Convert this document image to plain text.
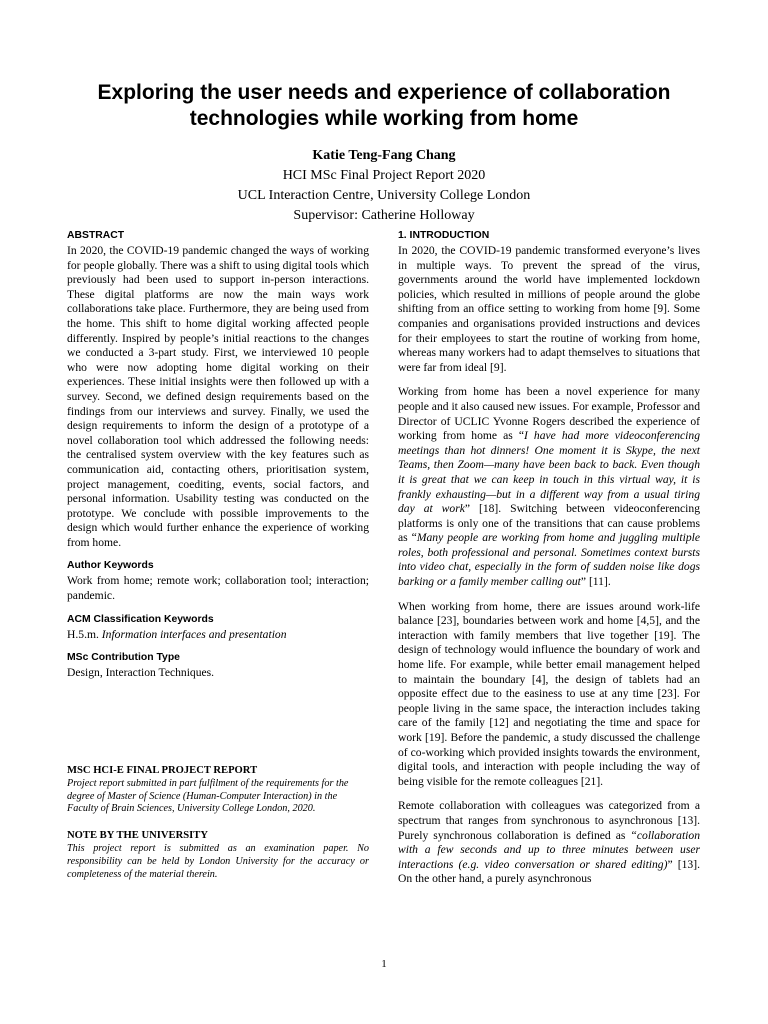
Exploring the user needs and experience of collaboration technologies while working from home
Katie Teng-Fang Chang
HCI MSc Final Project Report 2020
UCL Interaction Centre, University College London
Supervisor: Catherine Holloway
ABSTRACT

In 2020, the COVID-19 pandemic changed the ways of working for people globally. There was a shift to using digital tools which previously had been used to support in-person interactions. These digital platforms are now the main ways work collaborations take place. Furthermore, they are being used from the home. This shift to home digital working affected people differently. Inspired by people’s initial reactions to the changes we conducted a 3-part study. First, we interviewed 10 people who were now adopting home digital working on their experiences. These initial insights were then followed up with a survey. Second, we defined design requirements based on the findings from our interviews and survey. Finally, we used the design requirements to inform the design of a prototype of a novel collaboration tool which addressed the following needs: the centralised system overview with the key features such as communication aid, contacting others, prioritisation system, project management, coediting, events, social factors, and personal information. Usability testing was conducted on the prototype. We conclude with possible improvements to the design which would further enhance the experience of working from home.

Author Keywords

Work from home; remote work; collaboration tool; interaction; pandemic.

ACM Classification Keywords

H.5.m. Information interfaces and presentation

MSc Contribution Type

Design, Interaction Techniques.

MSC HCI-E FINAL PROJECT REPORT
Project report submitted in part fulfilment of the requirements for the degree of Master of Science (Human-Computer Interaction) in the Faculty of Brain Sciences, University College London, 2020.
NOTE BY THE UNIVERSITY
This project report is submitted as an examination paper. No responsibility can be held by London University for the accuracy or completeness of the material therein.
1. INTRODUCTION

In 2020, the COVID-19 pandemic transformed everyone’s lives in multiple ways. To prevent the spread of the virus, governments around the world have implemented lockdown policies, which resulted in millions of people around the globe shifting from an office setting to working from home [9]. Some companies and organisations provided instructions and devices for their employees to start the routine of working from home, whereas many workers had to adapt themselves to situations that were far from ideal [9].

Working from home has been a novel experience for many people and it also caused new issues. For example, Professor and Director of UCLIC Yvonne Rogers described the experience of working from home as “I have had more videoconferencing meetings than hot dinners! One moment it is Skype, the next Teams, then Zoom—many have been back to back. Even though it is great that we can keep in touch in this virtual way, it is frankly exhausting—but in a different way from a usual tiring day at work” [18]. Switching between videoconferencing platforms is only one of the transitions that can cause problems as “Many people are working from home and juggling multiple roles, both professional and personal. Sometimes context bursts into video chat, especially in the form of sudden noise like dogs barking or a family member calling out” [11].

When working from home, there are issues around work-life balance [23], boundaries between work and home [4,5], and the interaction with family members that live together [19]. The design of technology would influence the boundary of work and home life. For example, while better email management helped to maintain the boundary [4], the design of tablets had an opposite effect due to the easiness to use at any time [23]. For people living in the same space, the interaction includes taking care of the family [12] and negotiating the time and space for work [19]. Before the pandemic, a study discussed the challenge of co-working which provided insights towards the environment, digital tools, and interaction with people including the way of being visible for the remote colleagues [21].

Remote collaboration with colleagues was categorized from a spectrum that ranges from synchronous to asynchronous [13]. Purely synchronous collaboration is defined as “collaboration with a few seconds and up to three minutes between user interactions (e.g. video conversation or shared editing)” [13]. On the other hand, a purely asynchronous

1
